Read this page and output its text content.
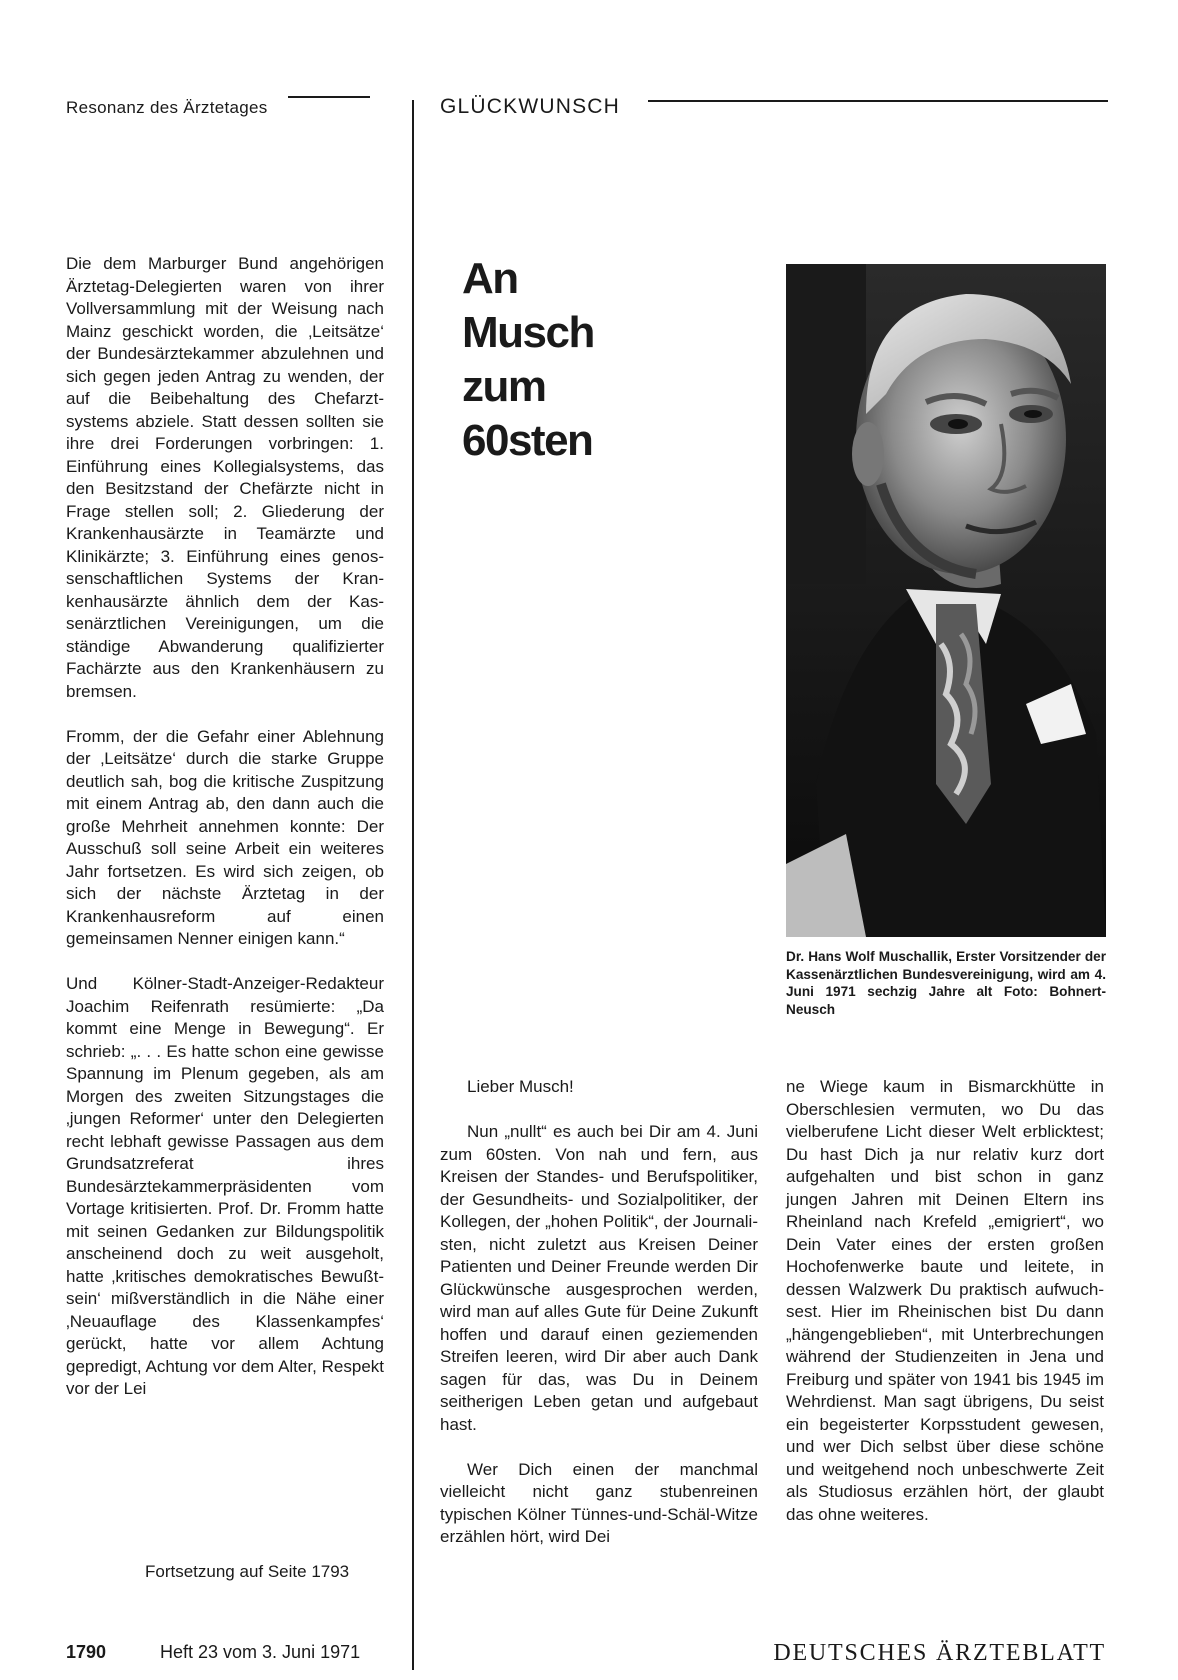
Resonanz des Ärztetages	GLÜCKWUNSCH
An
Musch
zum
60sten

Die dem Marburger Bund angehörigen Ärztetag-Delegierten waren von ihrer Vollversammlung mit der Weisung nach Mainz geschickt worden, die ‚Leitsätze‘ der Bundesärztekammer abzulehnen und sich gegen jeden Antrag zu wenden, der auf die Beibehaltung des Chefarztsystems abziele. Statt dessen sollten sie ihre drei Forderungen vorbringen: 1. Einführung eines Kollegialsystems, das den Besitzstand der Chefärzte nicht in Frage stellen soll; 2. Gliederung der Krankenhausärzte in Teamärzte und Klinikärzte; 3. Einführung eines genossenschaftlichen Systems der Krankenhausärzte ähnlich dem der Kassenärztlichen Vereinigungen, um die ständige Abwanderung qualifizierter Fachärzte aus den Krankenhäusern zu bremsen.

Fromm, der die Gefahr einer Ablehnung der ‚Leitsätze‘ durch die starke Gruppe deutlich sah, bog die kritische Zuspitzung mit einem Antrag ab, den dann auch die große Mehrheit annehmen konnte: Der Ausschuß soll seine Arbeit ein weiteres Jahr fortsetzen. Es wird sich zeigen, ob sich der nächste Ärztetag in der Krankenhausreform auf einen gemeinsamen Nenner einigen kann.“

Und Kölner-Stadt-Anzeiger-Redakteur Joachim Reifenrath resümierte: „Da kommt eine Menge in Bewegung“. Er schrieb: „. . . Es hatte schon eine gewisse Spannung im Plenum gegeben, als am Morgen des zweiten Sitzungstages die ‚jungen Reformer‘ unter den Delegierten recht lebhaft gewisse Passagen aus dem Grundsatzreferat ihres Bundesärztekammerpräsidenten vom Vortage kritisierten. Prof. Dr. Fromm hatte mit seinen Gedanken zur Bildungspolitik anscheinend doch zu weit ausgeholt, hatte ‚kritisches demokratisches Bewußtsein‘ mißverständlich in die Nähe einer ‚Neuauflage des Klassenkampfes‘ gerückt, hatte vor allem Achtung gepredigt, Achtung vor dem Alter, Respekt vor der Lei

Fortsetzung auf Seite 1793
Dr. Hans Wolf Muschallik, Erster Vorsitzender der Kassenärztlichen Bundesvereinigung, wird am 4. Juni 1971 sechzig Jahre alt Foto: Bohnert-Neusch

Lieber Musch!

Nun „nullt“ es auch bei Dir am 4. Juni zum 60sten. Von nah und fern, aus Kreisen der Standes- und Berufspolitiker, der Gesundheits- und Sozialpolitiker, der Kollegen, der „hohen Politik“, der Journalisten, nicht zuletzt aus Kreisen Deiner Patienten und Deiner Freunde werden Dir Glückwünsche ausgesprochen werden, wird man auf alles Gute für Deine Zukunft hoffen und darauf einen geziemenden Streifen leeren, wird Dir aber auch Dank sagen für das, was Du in Deinem seitherigen Leben getan und aufgebaut hast.

Wer Dich einen der manchmal vielleicht nicht ganz stubenreinen typischen Kölner Tünnes-und-Schäl-Witze erzählen hört, wird Dei

ne Wiege kaum in Bismarckhütte in Oberschlesien vermuten, wo Du das vielberufene Licht dieser Welt erblicktest; Du hast Dich ja nur relativ kurz dort aufgehalten und bist schon in ganz jungen Jahren mit Deinen Eltern ins Rheinland nach Krefeld „emigriert“, wo Dein Vater eines der ersten großen Hochofenwerke baute und leitete, in dessen Walzwerk Du praktisch aufwuchsest. Hier im Rheinischen bist Du dann „hängengeblieben“, mit Unterbrechungen während der Studienzeiten in Jena und Freiburg und später von 1941 bis 1945 im Wehrdienst. Man sagt übrigens, Du seist ein begeisterter Korpsstudent gewesen, und wer Dich selbst über diese schöne und weitgehend noch unbeschwerte Zeit als Studiosus erzählen hört, der glaubt das ohne weiteres.

1790	Heft 23 vom 3. Juni 1971	DEUTSCHES ÄRZTEBLATT
